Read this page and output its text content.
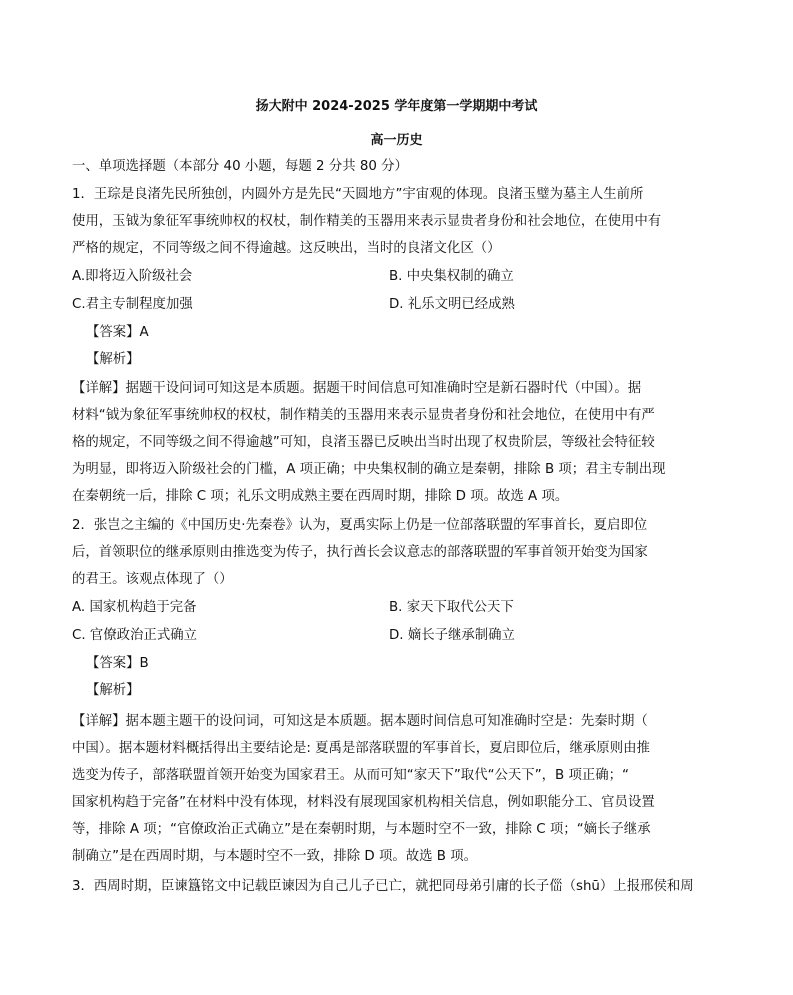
扬大附中 2024-2025 学年度第一学期期中考试
高一历史
一、单项选择题（本部分 40 小题，每题 2 分共 80 分）
1．王琮是良渚先民所独创，内圆外方是先民“天圆地方”宇宙观的体现。良渚玉璧为墓主人生前所
使用，玉钺为象征军事统帅权的权杖，制作精美的玉器用来表示显贵者身份和社会地位，在使用中有
严格的规定，不同等级之间不得逾越。这反映出，当时的良渚文化区（）
A.即将迈入阶级社会	B. 中央集权制的确立
C.君主专制程度加强	D. 礼乐文明已经成熟
【答案】A
【解析】
【详解】据题干设问词可知这是本质题。据题干时间信息可知准确时空是新石器时代（中国）。据
材料“钺为象征军事统帅权的权杖，制作精美的玉器用来表示显贵者身份和社会地位，在使用中有严
格的规定，不同等级之间不得逾越”可知，良渚玉器已反映出当时出现了权贵阶层，等级社会特征较
为明显，即将迈入阶级社会的门槛，A 项正确；中央集权制的确立是秦朝，排除 B 项；君主专制出现
在秦朝统一后，排除 C 项；礼乐文明成熟主要在西周时期，排除 D 项。故选 A 项。
2．张岂之主编的《中国历史·先秦卷》认为，夏禹实际上仍是一位部落联盟的军事首长，夏启即位
后，首领职位的继承原则由推选变为传子，执行酋长会议意志的部落联盟的军事首领开始变为国家
的君王。该观点体现了（）
A. 国家机构趋于完备	B. 家天下取代公天下
C. 官僚政治正式确立	D. 嫡长子继承制确立
【答案】B
【解析】
【详解】据本题主题干的设问词，可知这是本质题。据本题时间信息可知准确时空是：先秦时期（
中国）。据本题材料概括得出主要结论是: 夏禹是部落联盟的军事首长，夏启即位后，继承原则由推
选变为传子，部落联盟首领开始变为国家君王。从而可知“家天下”取代“公天下”，B 项正确；“
国家机构趋于完备”在材料中没有体现，材料没有展现国家机构相关信息，例如职能分工、官员设置
等，排除 A 项；“官僚政治正式确立”是在秦朝时期，与本题时空不一致，排除 C 项；“嫡长子继承
制确立”是在西周时期，与本题时空不一致，排除 D 项。故选 B 项。
3．西周时期，臣谏簋铭文中记载臣谏因为自己儿子已亡，就把同母弟引庸的长子㑎（shū）上报邢侯和周
